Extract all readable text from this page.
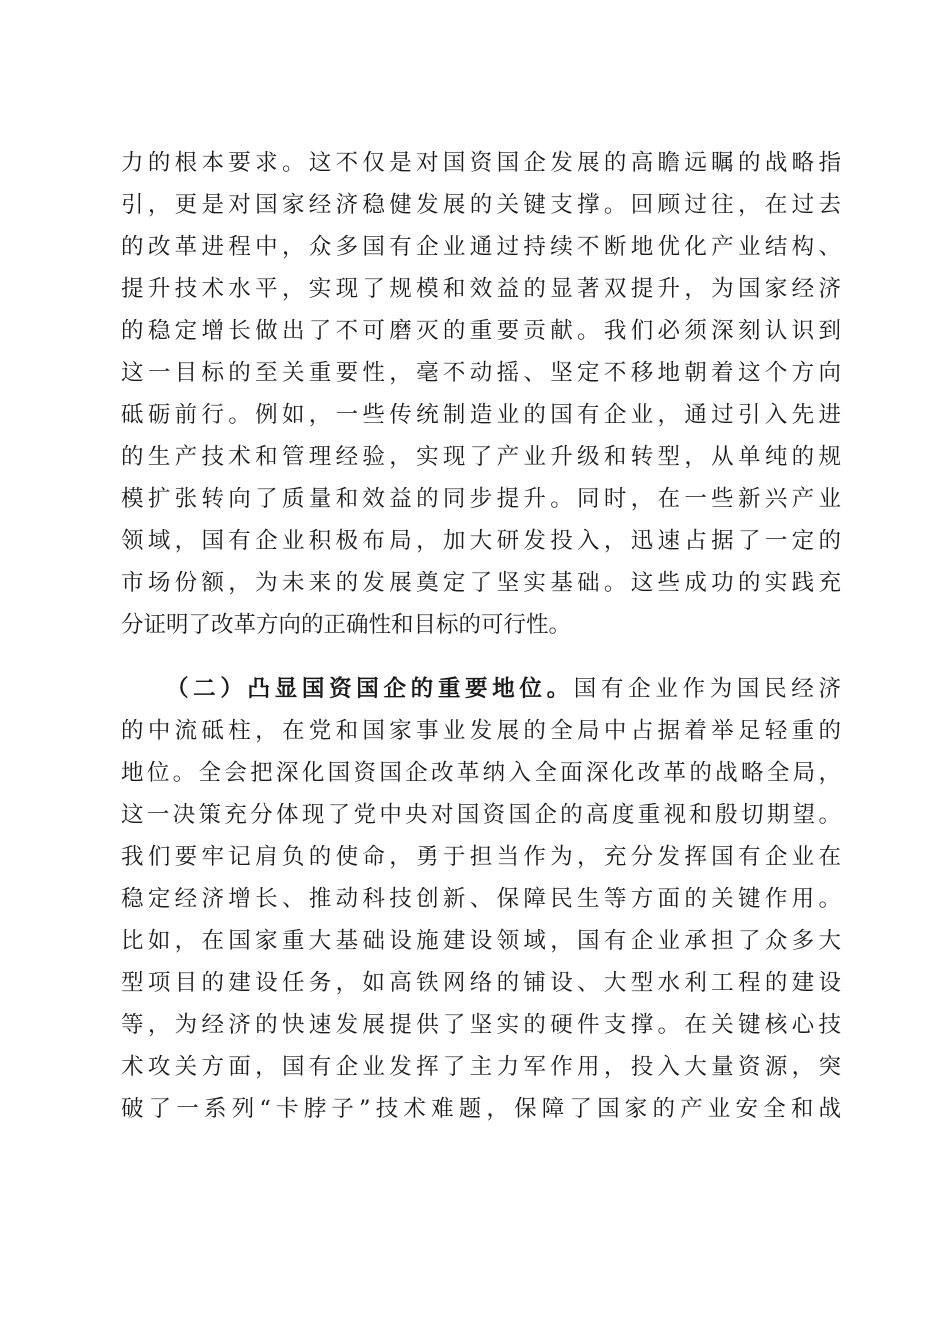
力的根本要求。这不仅是对国资国企发展的高瞻远瞩的战略指
引，更是对国家经济稳健发展的关键支撑。回顾过往，在过去
的改革进程中，众多国有企业通过持续不断地优化产业结构、
提升技术水平，实现了规模和效益的显著双提升，为国家经济
的稳定增长做出了不可磨灭的重要贡献。我们必须深刻认识到
这一目标的至关重要性，毫不动摇、坚定不移地朝着这个方向
砥砺前行。例如，一些传统制造业的国有企业，通过引入先进
的生产技术和管理经验，实现了产业升级和转型，从单纯的规
模扩张转向了质量和效益的同步提升。同时，在一些新兴产业
领域，国有企业积极布局，加大研发投入，迅速占据了一定的
市场份额，为未来的发展奠定了坚实基础。这些成功的实践充
分证明了改革方向的正确性和目标的可行性。
（二）凸显国资国企的重要地位。国有企业作为国民经济
的中流砥柱，在党和国家事业发展的全局中占据着举足轻重的
地位。全会把深化国资国企改革纳入全面深化改革的战略全局，
这一决策充分体现了党中央对国资国企的高度重视和殷切期望。
我们要牢记肩负的使命，勇于担当作为，充分发挥国有企业在
稳定经济增长、推动科技创新、保障民生等方面的关键作用。
比如，在国家重大基础设施建设领域，国有企业承担了众多大
型项目的建设任务，如高铁网络的铺设、大型水利工程的建设
等，为经济的快速发展提供了坚实的硬件支撑。在关键核心技
术攻关方面，国有企业发挥了主力军作用，投入大量资源，突
破了一系列“卡脖子”技术难题，保障了国家的产业安全和战
